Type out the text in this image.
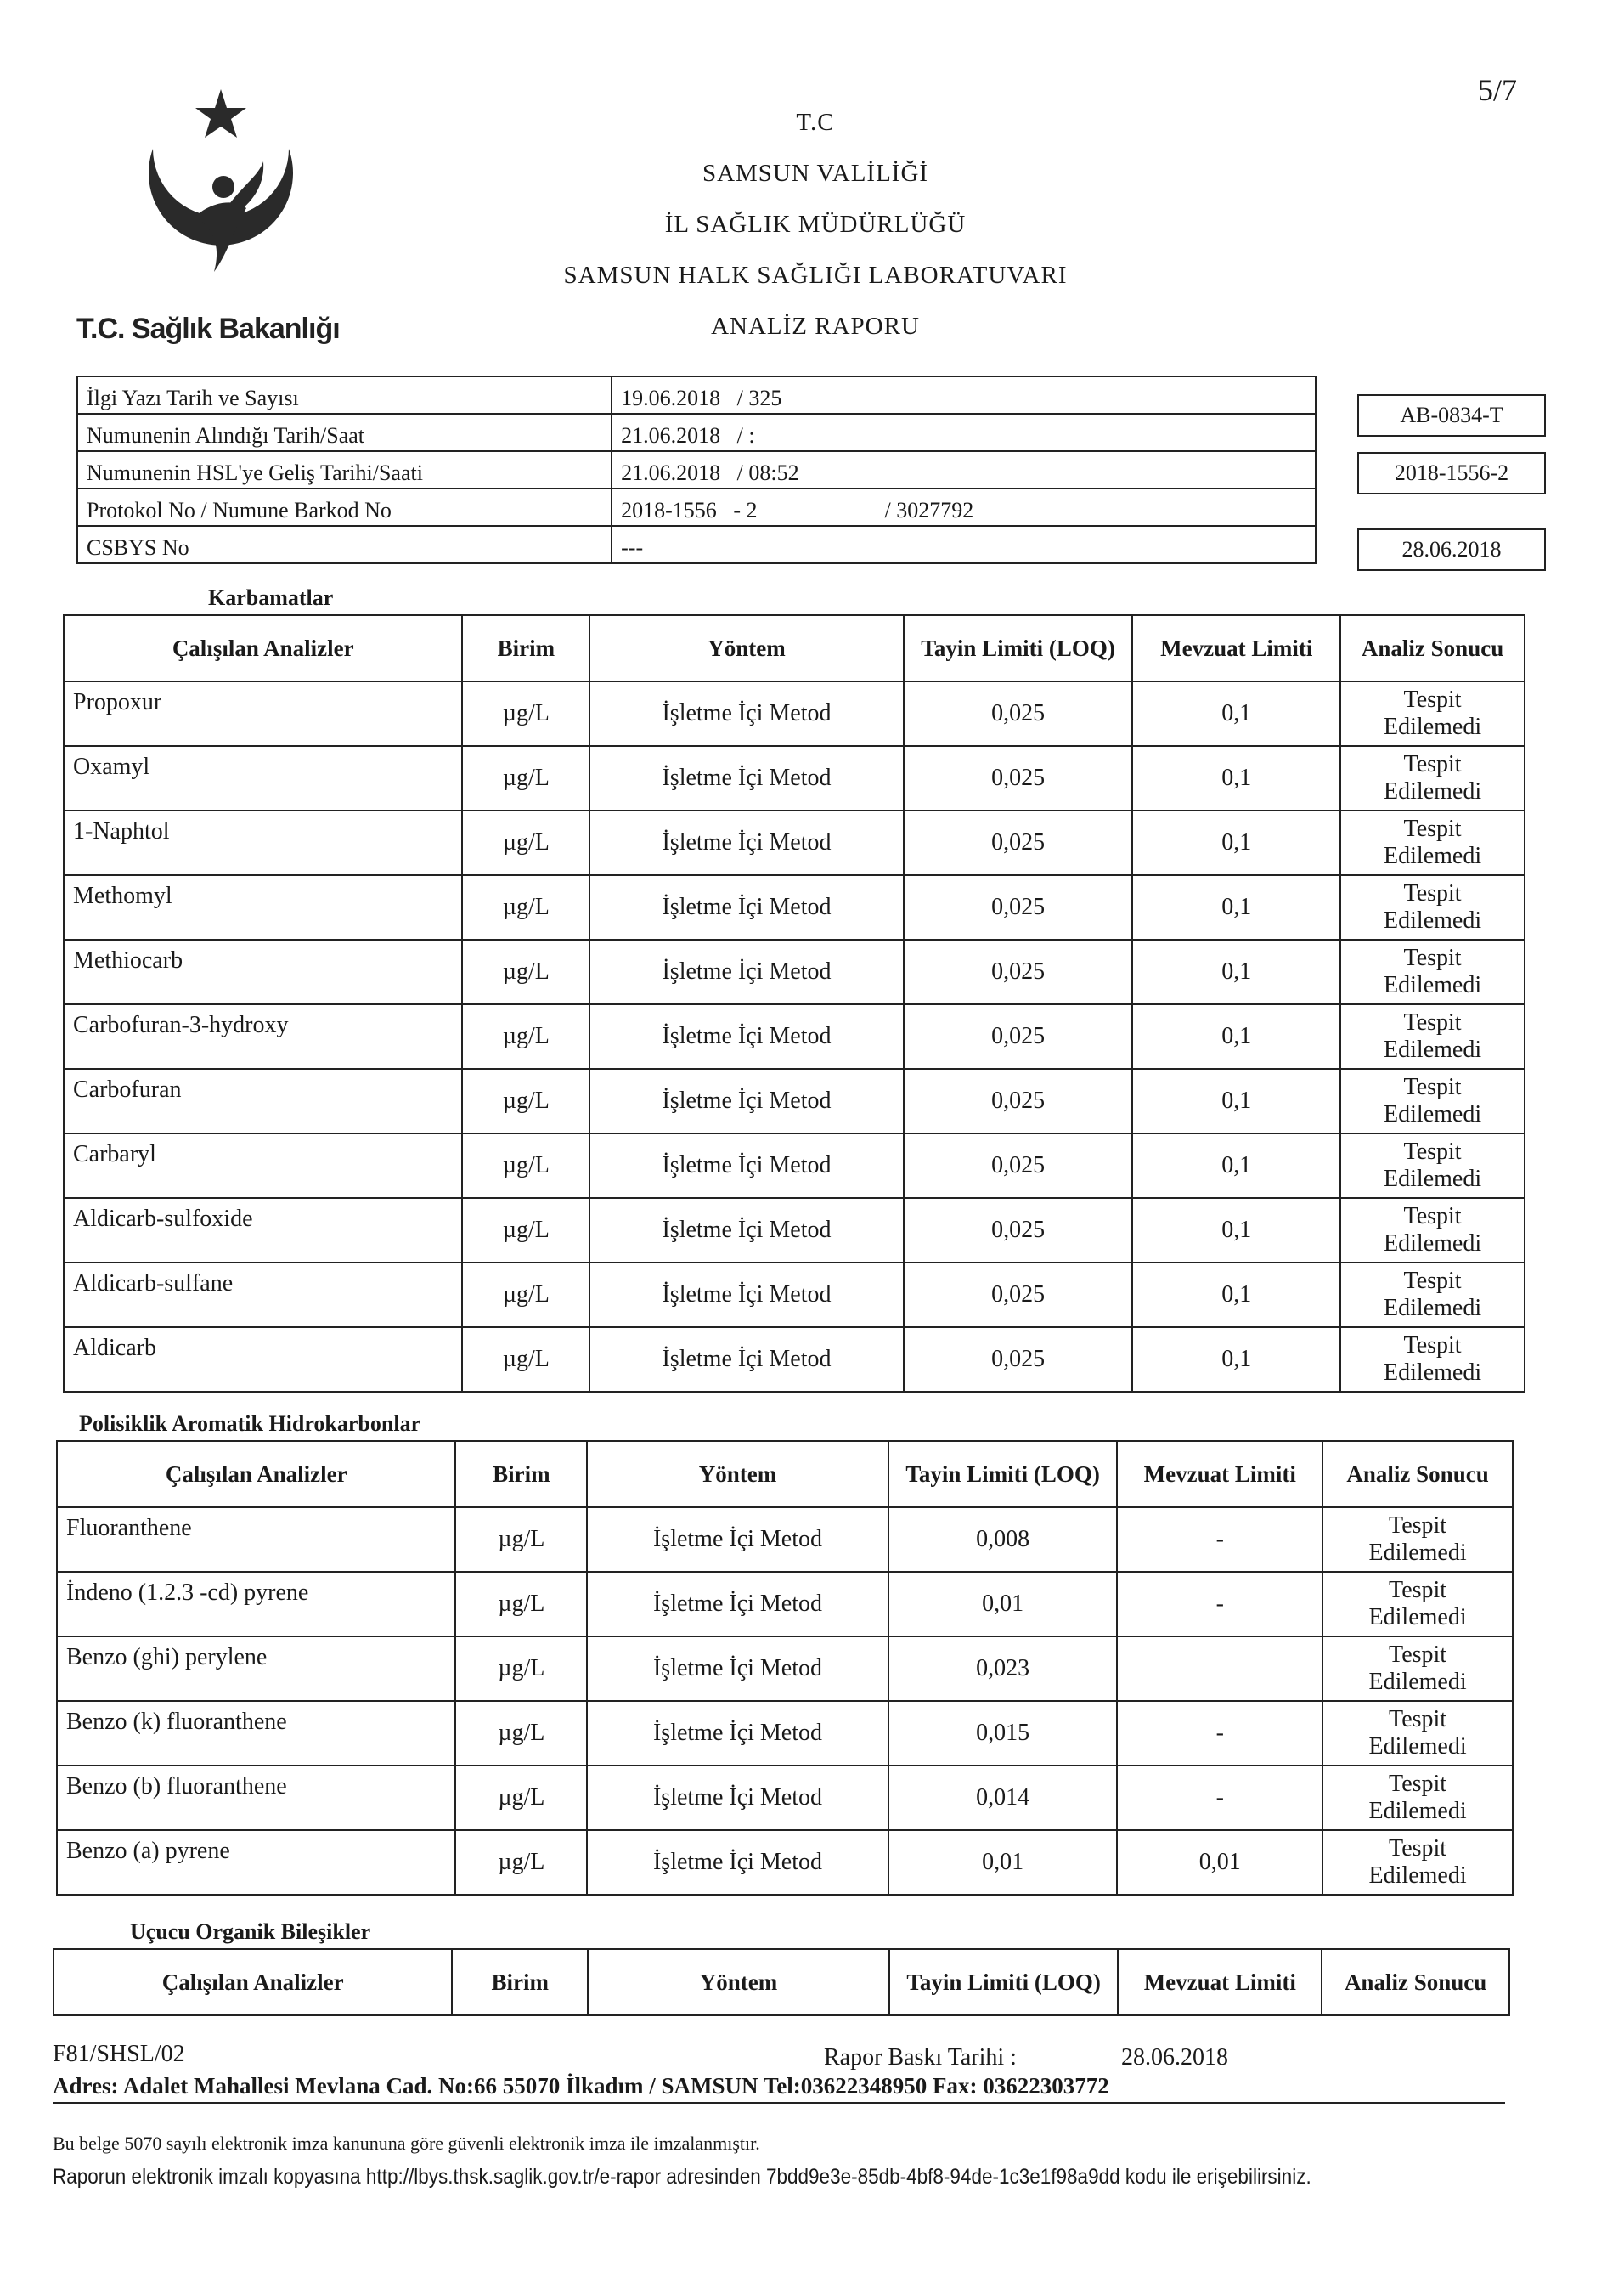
5/7
T.C. Sağlık Bakanlığı
T.C
SAMSUN VALİLİĞİ
İL SAĞLIK MÜDÜRLÜĞÜ
SAMSUN HALK SAĞLIĞI LABORATUVARI
ANALİZ RAPORU
İlgi Yazı Tarih ve Sayısı	19.06.2018 / 325
Numunenin Alındığı Tarih/Saat	21.06.2018 / :
Numunenin HSL'ye Geliş Tarihi/Saati	21.06.2018 / 08:52
Protokol No / Numune Barkod No	2018-1556 - 2 / 3027792
CSBYS No	---
AB-0834-T
2018-1556-2
28.06.2018
Karbamatlar					
Çalışılan Analizler	Birim	Yöntem	Tayin Limiti (LOQ)	Mevzuat Limiti	Analiz Sonucu
Propoxur	µg/L	İşletme İçi Metod	0,025	0,1	Tespit
Edilemedi
Oxamyl	µg/L	İşletme İçi Metod	0,025	0,1	Tespit
Edilemedi
1-Naphtol	µg/L	İşletme İçi Metod	0,025	0,1	Tespit
Edilemedi
Methomyl	µg/L	İşletme İçi Metod	0,025	0,1	Tespit
Edilemedi
Methiocarb	µg/L	İşletme İçi Metod	0,025	0,1	Tespit
Edilemedi
Carbofuran-3-hydroxy	µg/L	İşletme İçi Metod	0,025	0,1	Tespit
Edilemedi
Carbofuran	µg/L	İşletme İçi Metod	0,025	0,1	Tespit
Edilemedi
Carbaryl	µg/L	İşletme İçi Metod	0,025	0,1	Tespit
Edilemedi
Aldicarb-sulfoxide	µg/L	İşletme İçi Metod	0,025	0,1	Tespit
Edilemedi
Aldicarb-sulfane	µg/L	İşletme İçi Metod	0,025	0,1	Tespit
Edilemedi
Aldicarb	µg/L	İşletme İçi Metod	0,025	0,1	Tespit
Edilemedi
Polisiklik Aromatik Hidrokarbonlar					
Çalışılan Analizler	Birim	Yöntem	Tayin Limiti (LOQ)	Mevzuat Limiti	Analiz Sonucu
Fluoranthene	µg/L	İşletme İçi Metod	0,008	-	Tespit
Edilemedi
İndeno (1.2.3 -cd) pyrene	µg/L	İşletme İçi Metod	0,01	-	Tespit
Edilemedi
Benzo (ghi) perylene	µg/L	İşletme İçi Metod	0,023		Tespit
Edilemedi
Benzo (k) fluoranthene	µg/L	İşletme İçi Metod	0,015	-	Tespit
Edilemedi
Benzo (b) fluoranthene	µg/L	İşletme İçi Metod	0,014	-	Tespit
Edilemedi
Benzo (a) pyrene	µg/L	İşletme İçi Metod	0,01	0,01	Tespit
Edilemedi
Uçucu Organik Bileşikler
Çalışılan Analizler	Birim	Yöntem	Tayin Limiti (LOQ)	Mevzuat Limiti	Analiz Sonucu
F81/SHSL/02	Rapor Baskı Tarihi :	28.06.2018
Adres: Adalet Mahallesi Mevlana Cad. No:66 55070 İlkadım / SAMSUN Tel:03622348950 Fax: 03622303772
Bu belge 5070 sayılı elektronik imza kanununa göre güvenli elektronik imza ile imzalanmıştır.
Raporun elektronik imzalı kopyasına http://lbys.thsk.saglik.gov.tr/e-rapor adresinden 7bdd9e3e-85db-4bf8-94de-1c3e1f98a9dd kodu ile erişebilirsiniz.
